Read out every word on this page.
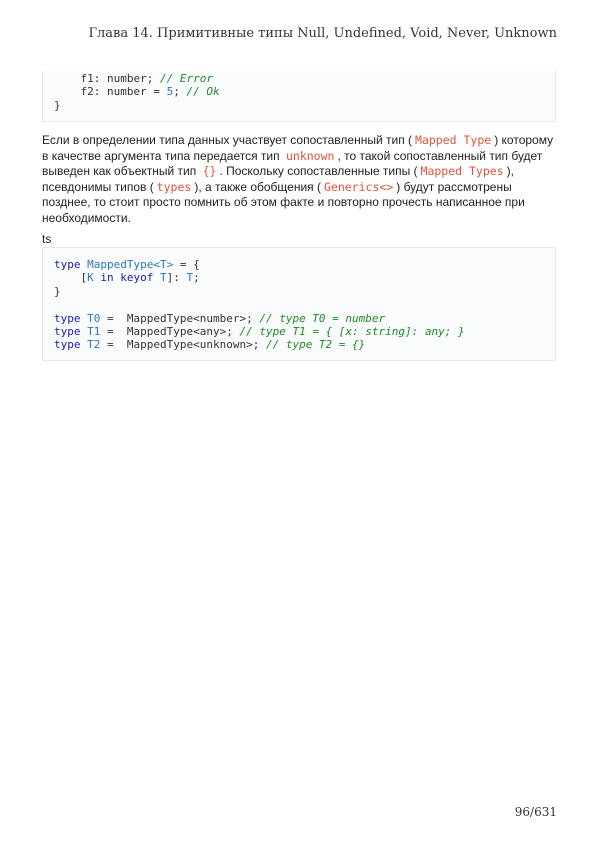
Глава 14. Примитивные типы Null, Undefined, Void, Never, Unknown
f1: number; // Error
f2: number = 5; // Ok
}
Если в определении типа данных участвует сопоставленный тип ( Mapped Type ) которому в качестве аргумента типа передается тип unknown , то такой сопоставленный тип будет выведен как объектный тип {} . Поскольку сопоставленные типы ( Mapped Types ), псевдонимы типов ( types ), а также обобщения ( Generics<> ) будут рассмотрены позднее, то стоит просто помнить об этом факте и повторно прочесть написанное при необходимости.
ts
type MappedType<T> = {
[K in keyof T]: T;
}

type T0 =  MappedType<number>; // type T0 = number
type T1 =  MappedType<any>; // type T1 = { [x: string]: any; }
type T2 =  MappedType<unknown>; // type T2 = {}
96/631
